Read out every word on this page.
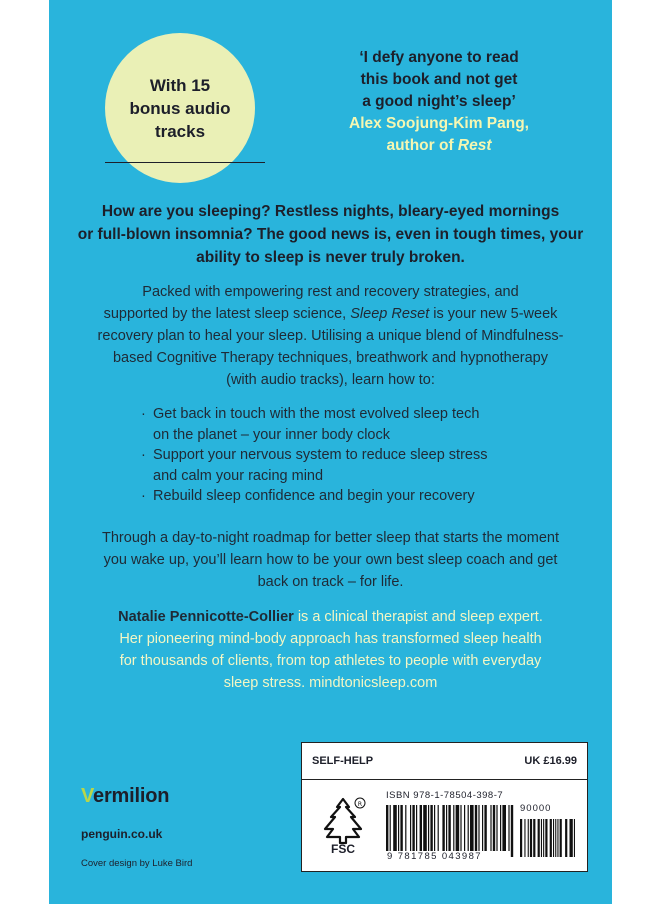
With 15
bonus audio
tracks
‘I defy anyone to read
this book and not get
a good night’s sleep’
Alex Soojung-Kim Pang,
author of Rest
How are you sleeping? Restless nights, bleary-eyed mornings
or full-blown insomnia? The good news is, even in tough times, your
ability to sleep is never truly broken.
Packed with empowering rest and recovery strategies, and
supported by the latest sleep science, Sleep Reset is your new 5-week
recovery plan to heal your sleep. Utilising a unique blend of Mindfulness-
based Cognitive Therapy techniques, breathwork and hypnotherapy
(with audio tracks), learn how to:
· Get back in touch with the most evolved sleep tech
on the planet – your inner body clock
· Support your nervous system to reduce sleep stress
and calm your racing mind
· Rebuild sleep confidence and begin your recovery
Through a day-to-night roadmap for better sleep that starts the moment
you wake up, you’ll learn how to be your own best sleep coach and get
back on track – for life.
Natalie Pennicotte-Collier is a clinical therapist and sleep expert.
Her pioneering mind-body approach has transformed sleep health
for thousands of clients, from top athletes to people with everyday
sleep stress. mindtonicsleep.com
SELF-HELP	UK £16.99
R
FSC
ISBN 978-1-78504-398-7
90000
9 781785 043987
Vermilion
penguin.co.uk
Cover design by Luke Bird
